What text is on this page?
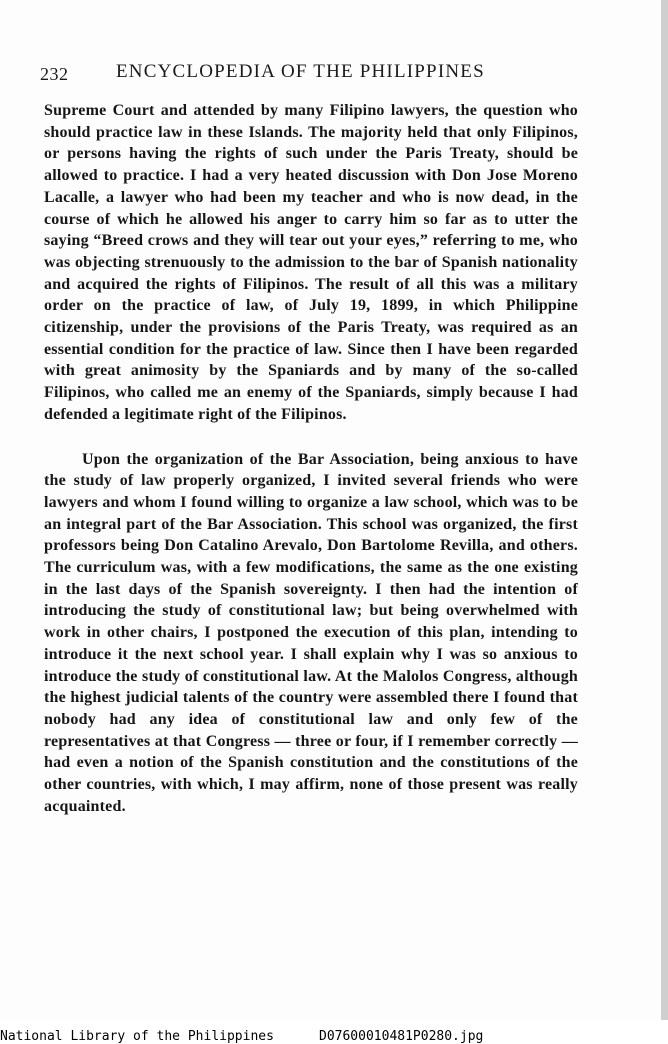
232	ENCYCLOPEDIA OF THE PHILIPPINES

Supreme Court and attended by many Filipino lawyers, the question who should practice law in these Islands. The majority held that only Filipinos, or persons having the rights of such under the Paris Treaty, should be allowed to practice. I had a very heated discussion with Don Jose Moreno Lacalle, a lawyer who had been my teacher and who is now dead, in the course of which he allowed his anger to carry him so far as to utter the saying “Breed crows and they will tear out your eyes,” referring to me, who was objecting strenuously to the admission to the bar of Spanish nationality and acquired the rights of Filipinos. The result of all this was a military order on the practice of law, of July 19, 1899, in which Philippine citizenship, under the provisions of the Paris Treaty, was required as an essential condition for the practice of law. Since then I have been regarded with great animosity by the Spaniards and by many of the so-called Filipinos, who called me an enemy of the Spaniards, simply because I had defended a legitimate right of the Filipinos.

Upon the organization of the Bar Association, being anxious to have the study of law properly organized, I invited several friends who were lawyers and whom I found willing to organize a law school, which was to be an integral part of the Bar Association. This school was organized, the first professors being Don Catalino Arevalo, Don Bartolome Revilla, and others. The curriculum was, with a few modifications, the same as the one existing in the last days of the Spanish sovereignty. I then had the intention of introducing the study of constitutional law; but being overwhelmed with work in other chairs, I postponed the execution of this plan, intending to introduce it the next school year. I shall explain why I was so anxious to introduce the study of constitutional law. At the Malolos Congress, although the highest judicial talents of the country were assembled there I found that nobody had any idea of constitutional law and only few of the representatives at that Congress — three or four, if I remember correctly — had even a notion of the Spanish constitution and the constitutions of the other countries, with which, I may affirm, none of those present was really acquainted.

National Library of the Philippines	D07600010481P0280.jpg
